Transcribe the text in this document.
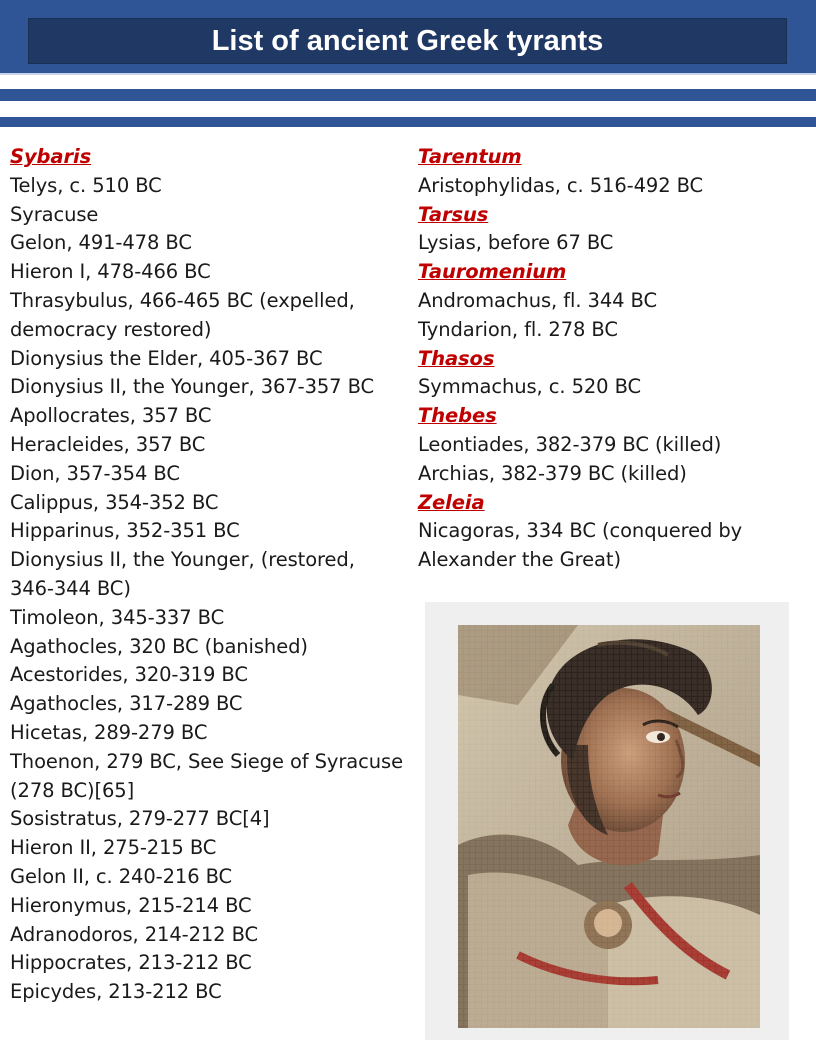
List of ancient Greek tyrants
Sybaris
Telys, c. 510 BC
Syracuse
Gelon, 491-478 BC
Hieron I, 478-466 BC
Thrasybulus, 466-465 BC (expelled,
democracy restored)
Dionysius the Elder, 405-367 BC
Dionysius II, the Younger, 367-357 BC
Apollocrates, 357 BC
Heracleides, 357 BC
Dion, 357-354 BC
Calippus, 354-352 BC
Hipparinus, 352-351 BC
Dionysius II, the Younger, (restored,
346-344 BC)
Timoleon, 345-337 BC
Agathocles, 320 BC (banished)
Acestorides, 320-319 BC
Agathocles, 317-289 BC
Hicetas, 289-279 BC
Thoenon, 279 BC, See Siege of Syracuse
(278 BC)[65]
Sosistratus, 279-277 BC[4]
Hieron II, 275-215 BC
Gelon II, c. 240-216 BC
Hieronymus, 215-214 BC
Adranodoros, 214-212 BC
Hippocrates, 213-212 BC
Epicydes, 213-212 BC
Tarentum
Aristophylidas, c. 516-492 BC
Tarsus
Lysias, before 67 BC
Tauromenium
Andromachus, fl. 344 BC
Tyndarion, fl. 278 BC
Thasos
Symmachus, c. 520 BC
Thebes
Leontiades, 382-379 BC (killed)
Archias, 382-379 BC (killed)
Zeleia
Nicagoras, 334 BC (conquered by
Alexander the Great)
